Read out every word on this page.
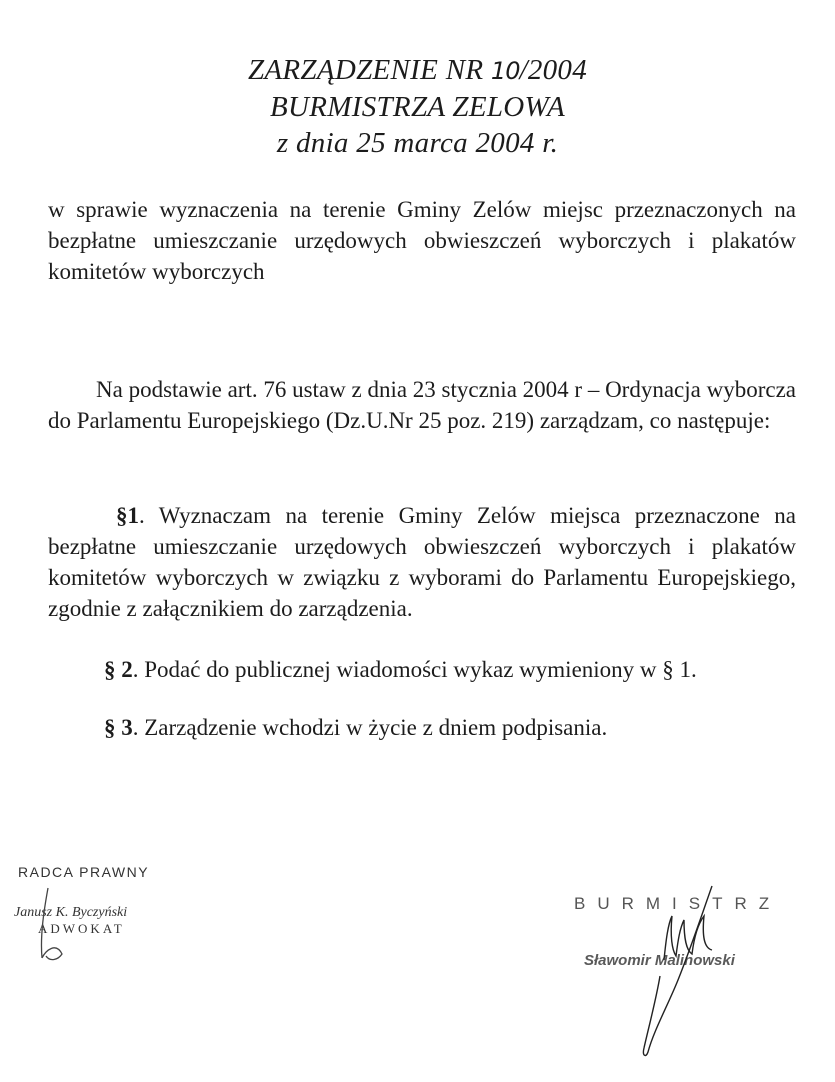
ZARZĄDZENIE NR 10/2004
BURMISTRZA ZELOWA
z dnia 25 marca 2004 r.
w sprawie wyznaczenia na terenie Gminy Zelów miejsc przeznaczonych na bezpłatne umieszczanie urzędowych obwieszczeń wyborczych i plakatów komitetów wyborczych
Na podstawie art. 76 ustaw z dnia 23 stycznia 2004 r – Ordynacja wyborcza do Parlamentu Europejskiego (Dz.U.Nr 25 poz. 219) zarządzam, co następuje:
§1. Wyznaczam na terenie Gminy Zelów miejsca przeznaczone na bezpłatne umieszczanie urzędowych obwieszczeń wyborczych i plakatów komitetów wyborczych w związku z wyborami do Parlamentu Europejskiego, zgodnie z załącznikiem do zarządzenia.
§ 2. Podać do publicznej wiadomości wykaz wymieniony w § 1.
§ 3. Zarządzenie wchodzi w życie z dniem podpisania.
RADCA PRAWNY
Janusz K. Byczyński
ADWOKAT
BURMISTRZ
Sławomir Malinowski
